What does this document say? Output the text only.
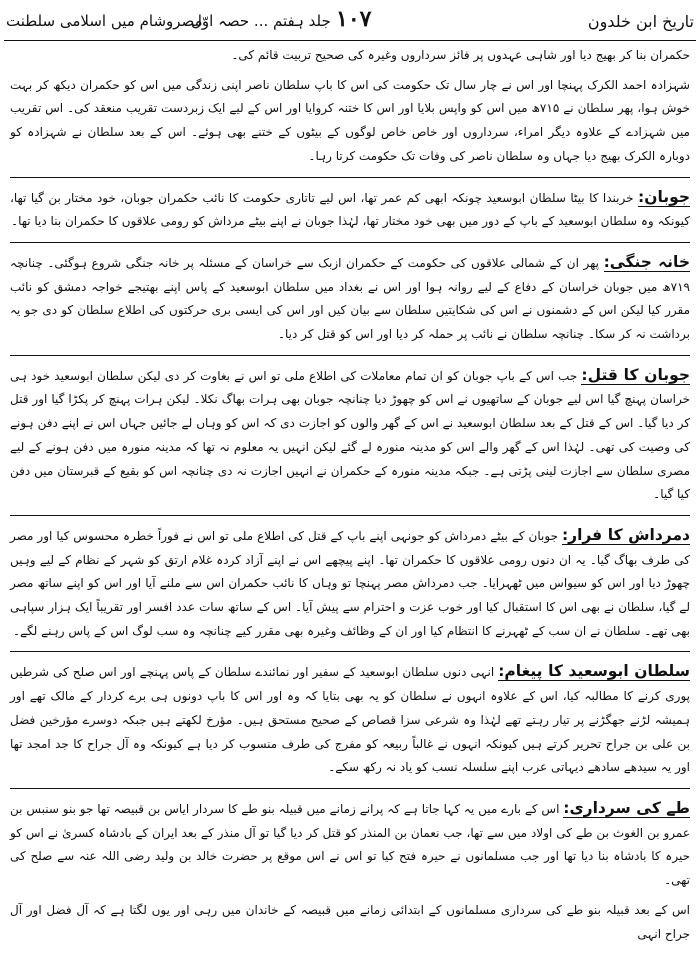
تاریخ ابن خلدون
جلد ہفتم ... حصہ اوّل	۱۰۷
مصروشام میں اسلامی سلطنت

حکمران بنا کر بھیج دیا اور شاہی عہدوں پر فائز سرداروں وغیرہ کی صحیح تربیت قائم کی۔

شہزادہ احمد الکرک پہنچا اور اس نے چار سال تک حکومت کی اس کا باپ سلطان ناصر اپنی زندگی میں اس کو حکمران دیکھ کر بہت خوش ہوا، پھر سلطان نے ۷۱۵ھ میں اس کو واپس بلایا اور اس کا ختنہ کروایا اور اس کے لیے ایک زبردست تقریب منعقد کی۔ اس تقریب میں شہزادے کے علاوہ دیگر امراء، سرداروں اور خاص خاص لوگوں کے بیٹوں کے ختنے بھی ہوئے۔ اس کے بعد سلطان نے شہزادہ کو دوبارہ الکرک بھیج دیا جہاں وہ سلطان ناصر کی وفات تک حکومت کرتا رہا۔

جوبان: خربندا کا بیٹا سلطان ابوسعید چونکہ ابھی کم عمر تھا، اس لیے تاتاری حکومت کا نائب حکمران جوبان، خود مختار بن گیا تھا، کیونکہ وہ سلطان ابوسعید کے باپ کے دور میں بھی خود مختار تھا، لہٰذا جوبان نے اپنے بیٹے مرداش کو رومی علاقوں کا حکمران بنا دیا تھا۔

خانہ جنگی: پھر ان کے شمالی علاقوں کی حکومت کے حکمران ازبک سے خراسان کے مسئلہ پر خانہ جنگی شروع ہوگئی۔ چنانچہ ۷۱۹ھ میں جوبان خراسان کے دفاع کے لیے روانہ ہوا اور اس نے بغداد میں سلطان ابوسعید کے پاس اپنے بھتیجے خواجہ دمشق کو نائب مقرر کیا لیکن اس کے دشمنوں نے اس کی شکایتیں سلطان سے بیان کیں اور اس کی ایسی بری حرکتوں کی اطلاع سلطان کو دی جو یہ برداشت نہ کر سکا۔ چنانچہ سلطان نے نائب پر حملہ کر دیا اور اس کو قتل کر دیا۔

جوبان کا قتل: جب اس کے باپ جوبان کو ان تمام معاملات کی اطلاع ملی تو اس نے بغاوت کر دی لیکن سلطان ابوسعید خود ہی خراسان پہنچ گیا اس لیے جوبان کے ساتھیوں نے اس کو چھوڑ دیا چنانچہ جوبان بھی ہرات بھاگ نکلا۔ لیکن ہرات پہنچ کر پکڑا گیا اور قتل کر دیا گیا۔ اس کے قتل کے بعد سلطان ابوسعید نے اس کے گھر والوں کو اجازت دی کہ اس کو وہاں لے جائیں جہاں اس نے اپنے دفن ہونے کی وصیت کی تھی۔ لہٰذا اس کے گھر والے اس کو مدینہ منورہ لے گئے لیکن انہیں یہ معلوم نہ تھا کہ مدینہ منورہ میں دفن ہونے کے لیے مصری سلطان سے اجازت لینی پڑتی ہے۔ جبکہ مدینہ منورہ کے حکمران نے انہیں اجازت نہ دی چنانچہ اس کو بقیع کے قبرستان میں دفن کیا گیا۔

دمرداش کا فرار: جوبان کے بیٹے دمرداش کو جونہی اپنے باپ کے قتل کی اطلاع ملی تو اس نے فوراً خطرہ محسوس کیا اور مصر کی طرف بھاگ گیا۔ یہ ان دنوں رومی علاقوں کا حکمران تھا۔ اپنے پیچھے اس نے اپنے آزاد کردہ غلام ارتق کو شہر کے نظام کے لیے وہیں چھوڑ دیا اور اس کو سیواس میں ٹھہرایا۔ جب دمرداش مصر پہنچا تو وہاں کا نائب حکمران اس سے ملنے آیا اور اس کو اپنے ساتھ مصر لے گیا، سلطان نے بھی اس کا استقبال کیا اور خوب عزت و احترام سے پیش آیا۔ اس کے ساتھ سات عدد افسر اور تقریباً ایک ہزار سپاہی بھی تھے۔ سلطان نے ان سب کے ٹھہرنے کا انتظام کیا اور ان کے وظائف وغیرہ بھی مقرر کیے چنانچہ وہ سب لوگ اس کے پاس رہنے لگے۔

سلطان ابوسعید کا پیغام: انہی دنوں سلطان ابوسعید کے سفیر اور نمائندے سلطان کے پاس پہنچے اور اس صلح کی شرطیں پوری کرنے کا مطالبہ کیا، اس کے علاوہ انہوں نے سلطان کو یہ بھی بتایا کہ وہ اور اس کا باپ دونوں ہی برے کردار کے مالک تھے اور ہمیشہ لڑنے جھگڑنے پر تیار رہتے تھے لہٰذا وہ شرعی سزا قصاص کے صحیح مستحق ہیں۔ مؤرخ لکھتے ہیں جبکہ دوسرے مؤرخین فضل بن علی بن جراح تحریر کرتے ہیں کیونکہ انہوں نے غالباً ربیعہ کو مفرج کی طرف منسوب کر دیا ہے کیونکہ وہ آل جراح کا جد امجد تھا اور یہ سیدھے سادھے دیہاتی عرب اپنے سلسلہ نسب کو یاد نہ رکھ سکے۔

طے کی سرداری: اس کے بارے میں یہ کہا جاتا ہے کہ پرانے زمانے میں قبیلہ بنو طے کا سردار ایاس بن قبیصہ تھا جو بنو سنبس بن عمرو بن الغوث بن طے کی اولاد میں سے تھا، جب نعمان بن المنذر کو قتل کر دیا گیا تو آل منذر کے بعد ایران کے بادشاہ کسریٰ نے اس کو حیرہ کا بادشاہ بنا دیا تھا اور جب مسلمانوں نے حیرہ فتح کیا تو اس نے اس موقع پر حضرت خالد بن ولید رضی اللہ عنہ سے صلح کی تھی۔

اس کے بعد قبیلہ بنو طے کی سرداری مسلمانوں کے ابتدائی زمانے میں قبیصہ کے خاندان میں رہی اور یوں لگتا ہے کہ آل فضل اور آل جراح انہی
